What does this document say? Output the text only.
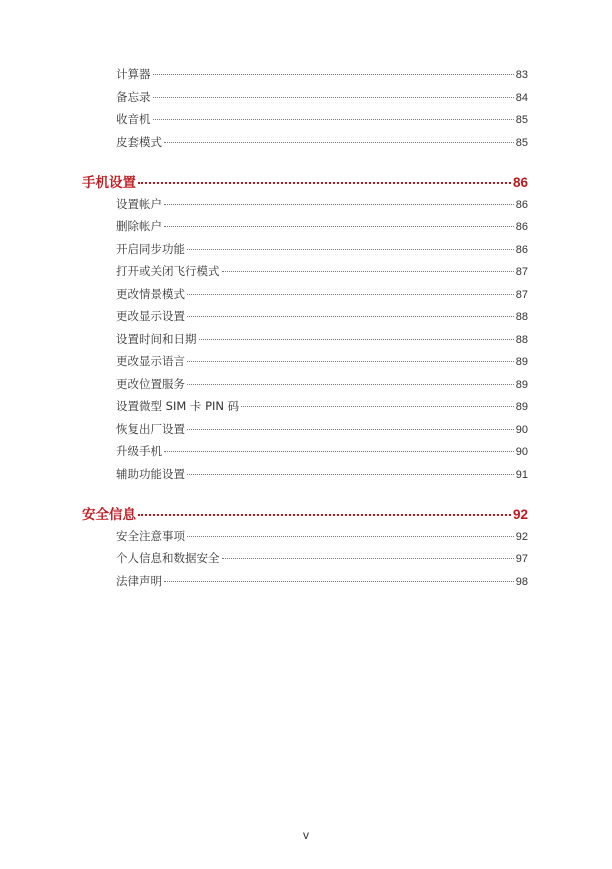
计算器	83
备忘录	84
收音机	85
皮套模式	85
手机设置	86
设置帐户	86
删除帐户	86
开启同步功能	86
打开或关闭飞行模式	87
更改情景模式	87
更改显示设置	88
设置时间和日期	88
更改显示语言	89
更改位置服务	89
设置微型 SIM 卡 PIN 码	89
恢复出厂设置	90
升级手机	90
辅助功能设置	91
安全信息	92
安全注意事项	92
个人信息和数据安全	97
法律声明	98
v
